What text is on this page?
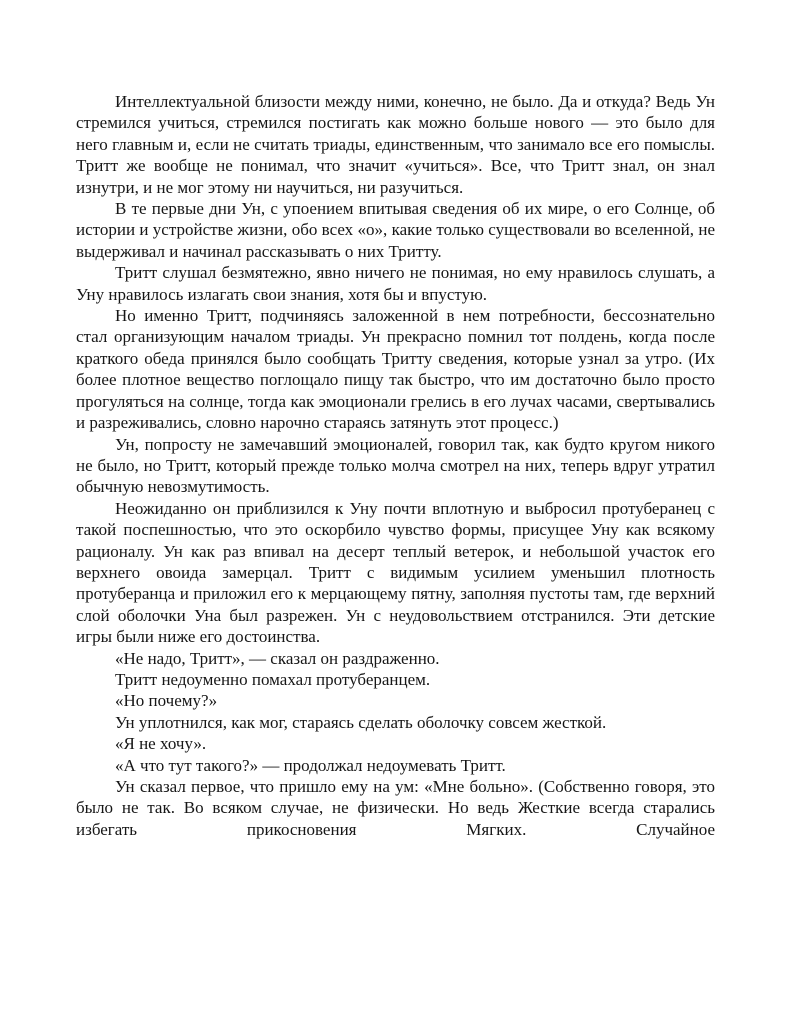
Интеллектуальной близости между ними, конечно, не было. Да и откуда? Ведь Ун стремился учиться, стремился постигать как можно больше нового — это было для него главным и, если не считать триады, единственным, что занимало все его помыслы. Тритт же вообще не понимал, что значит «учиться». Все, что Тритт знал, он знал изнутри, и не мог этому ни научиться, ни разучиться.

В те первые дни Ун, с упоением впитывая сведения об их мире, о его Солнце, об истории и устройстве жизни, обо всех «о», какие только существовали во вселенной, не выдерживал и начинал рассказывать о них Тритту.

Тритт слушал безмятежно, явно ничего не понимая, но ему нравилось слушать, а Уну нравилось излагать свои знания, хотя бы и впустую.

Но именно Тритт, подчиняясь заложенной в нем потребности, бессознательно стал организующим началом триады. Ун прекрасно помнил тот полдень, когда после краткого обеда принялся было сообщать Тритту сведения, которые узнал за утро. (Их более плотное вещество поглощало пищу так быстро, что им достаточно было просто прогуляться на солнце, тогда как эмоционали грелись в его лучах часами, свертывались и разреживались, словно нарочно стараясь затянуть этот процесс.)

Ун, попросту не замечавший эмоционалей, говорил так, как будто кругом никого не было, но Тритт, который прежде только молча смотрел на них, теперь вдруг утратил обычную невозмутимость.

Неожиданно он приблизился к Уну почти вплотную и выбросил протуберанец с такой поспешностью, что это оскорбило чувство формы, присущее Уну как всякому рационалу. Ун как раз впивал на десерт теплый ветерок, и небольшой участок его верхнего овоида замерцал. Тритт с видимым усилием уменьшил плотность протуберанца и приложил его к мерцающему пятну, заполняя пустоты там, где верхний слой оболочки Уна был разрежен. Ун с неудовольствием отстранился. Эти детские игры были ниже его достоинства.

«Не надо, Тритт», — сказал он раздраженно.

Тритт недоуменно помахал протуберанцем.

«Но почему?»

Ун уплотнился, как мог, стараясь сделать оболочку совсем жесткой.

«Я не хочу».

«А что тут такого?» — продолжал недоумевать Тритт.

Ун сказал первое, что пришло ему на ум: «Мне больно». (Собственно говоря, это было не так. Во всяком случае, не физически. Но ведь Жесткие всегда старались избегать прикосновения Мягких. Случайное
